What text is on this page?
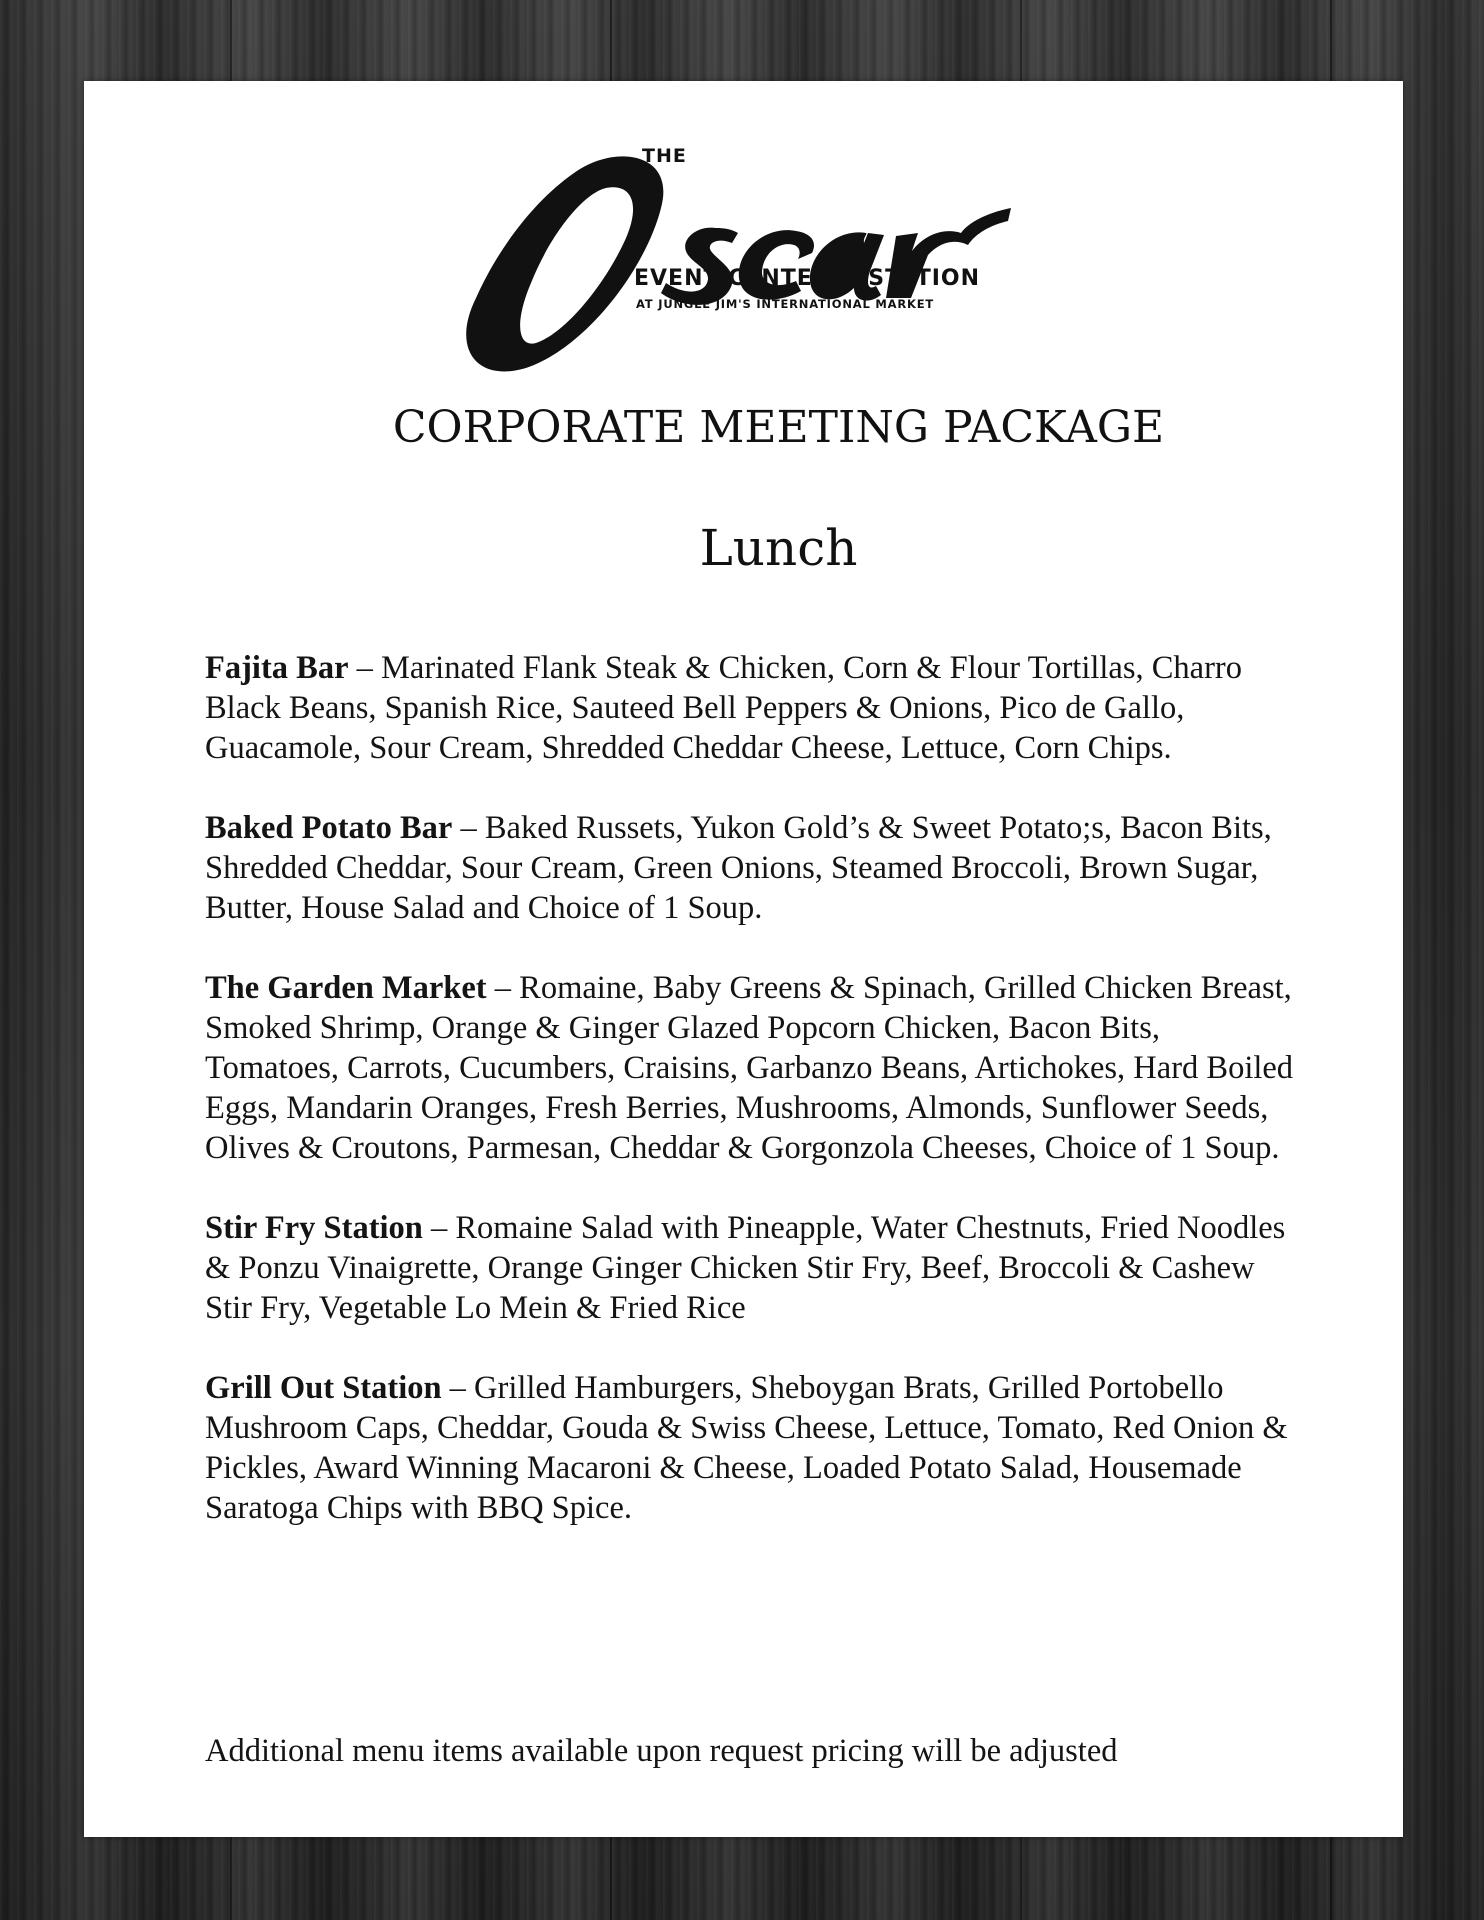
THE
EVENT CENTER & STATION
AT JUNGLE JIM'S INTERNATIONAL MARKET
CORPORATE MEETING PACKAGE
Lunch

Fajita Bar – Marinated Flank Steak & Chicken, Corn & Flour Tortillas, Charro Black Beans, Spanish Rice, Sauteed Bell Peppers & Onions, Pico de Gallo, Guacamole, Sour Cream, Shredded Cheddar Cheese, Lettuce, Corn Chips.

Baked Potato Bar – Baked Russets, Yukon Gold’s & Sweet Potato;s, Bacon Bits, Shredded Cheddar, Sour Cream, Green Onions, Steamed Broccoli, Brown Sugar, Butter, House Salad and Choice of 1 Soup.

The Garden Market – Romaine, Baby Greens & Spinach, Grilled Chicken Breast, Smoked Shrimp, Orange & Ginger Glazed Popcorn Chicken, Bacon Bits, Tomatoes, Carrots, Cucumbers, Craisins, Garbanzo Beans, Artichokes, Hard Boiled Eggs, Mandarin Oranges, Fresh Berries, Mushrooms, Almonds, Sunflower Seeds, Olives & Croutons, Parmesan, Cheddar & Gorgonzola Cheeses, Choice of 1 Soup.

Stir Fry Station – Romaine Salad with Pineapple, Water Chestnuts, Fried Noodles & Ponzu Vinaigrette, Orange Ginger Chicken Stir Fry, Beef, Broccoli & Cashew Stir Fry, Vegetable Lo Mein & Fried Rice

Grill Out Station – Grilled Hamburgers, Sheboygan Brats, Grilled Portobello Mushroom Caps, Cheddar, Gouda & Swiss Cheese, Lettuce, Tomato, Red Onion & Pickles, Award Winning Macaroni & Cheese, Loaded Potato Salad, Housemade Saratoga Chips with BBQ Spice.

Additional menu items available upon request pricing will be adjusted
